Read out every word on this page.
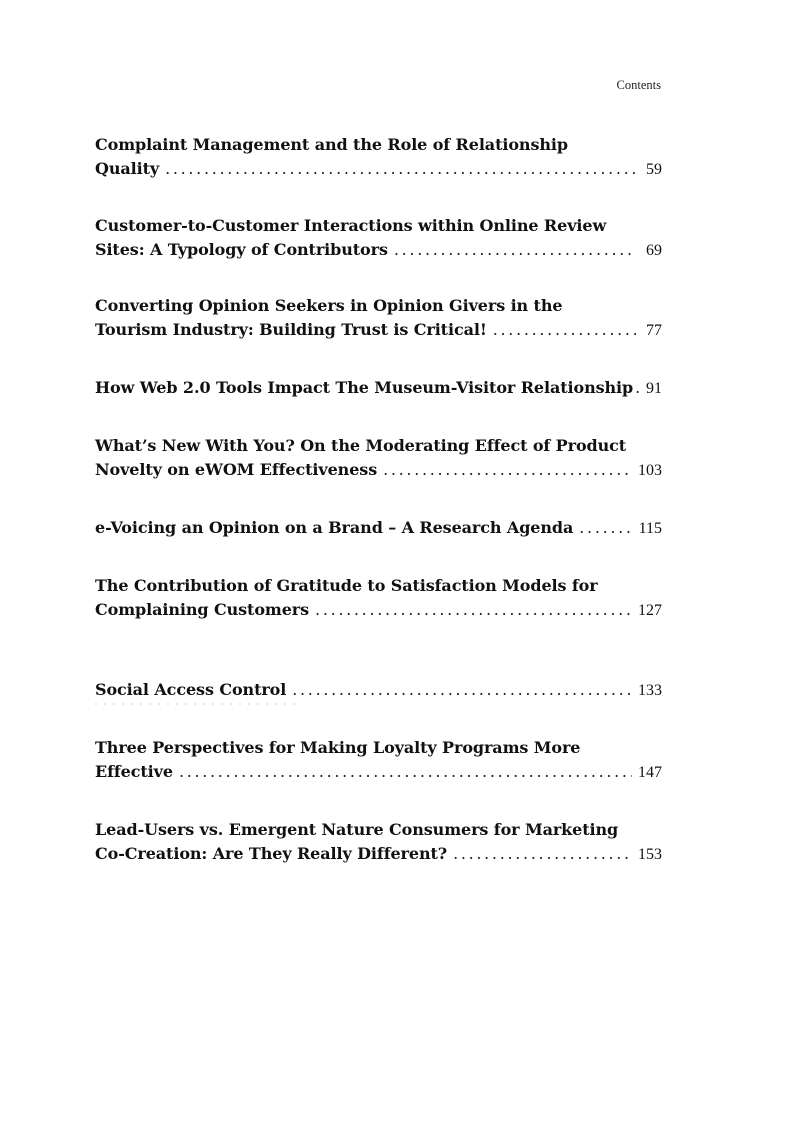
Contents
Complaint Management and the Role of Relationship
Quality . . .	59
Customer-to-Customer Interactions within Online Review
Sites: A Typology of Contributors . . .	69
Converting Opinion Seekers in Opinion Givers in the
Tourism Industry: Building Trust is Critical! . . .	77
How Web 2.0 Tools Impact The Museum-Visitor Relationship . . . 91
What’s New With You? On the Moderating Effect of Product
Novelty on eWOM Effectiveness . . .	103
e-Voicing an Opinion on a Brand – A Research Agenda . . .	115
The Contribution of Gratitude to Satisfaction Models for
Complaining Customers . . .	127
Social Access Control . . .	133
Three Perspectives for Making Loyalty Programs More
Effective . . .	147
Lead-Users vs. Emergent Nature Consumers for Marketing
Co-Creation: Are They Really Different? . . .	153
